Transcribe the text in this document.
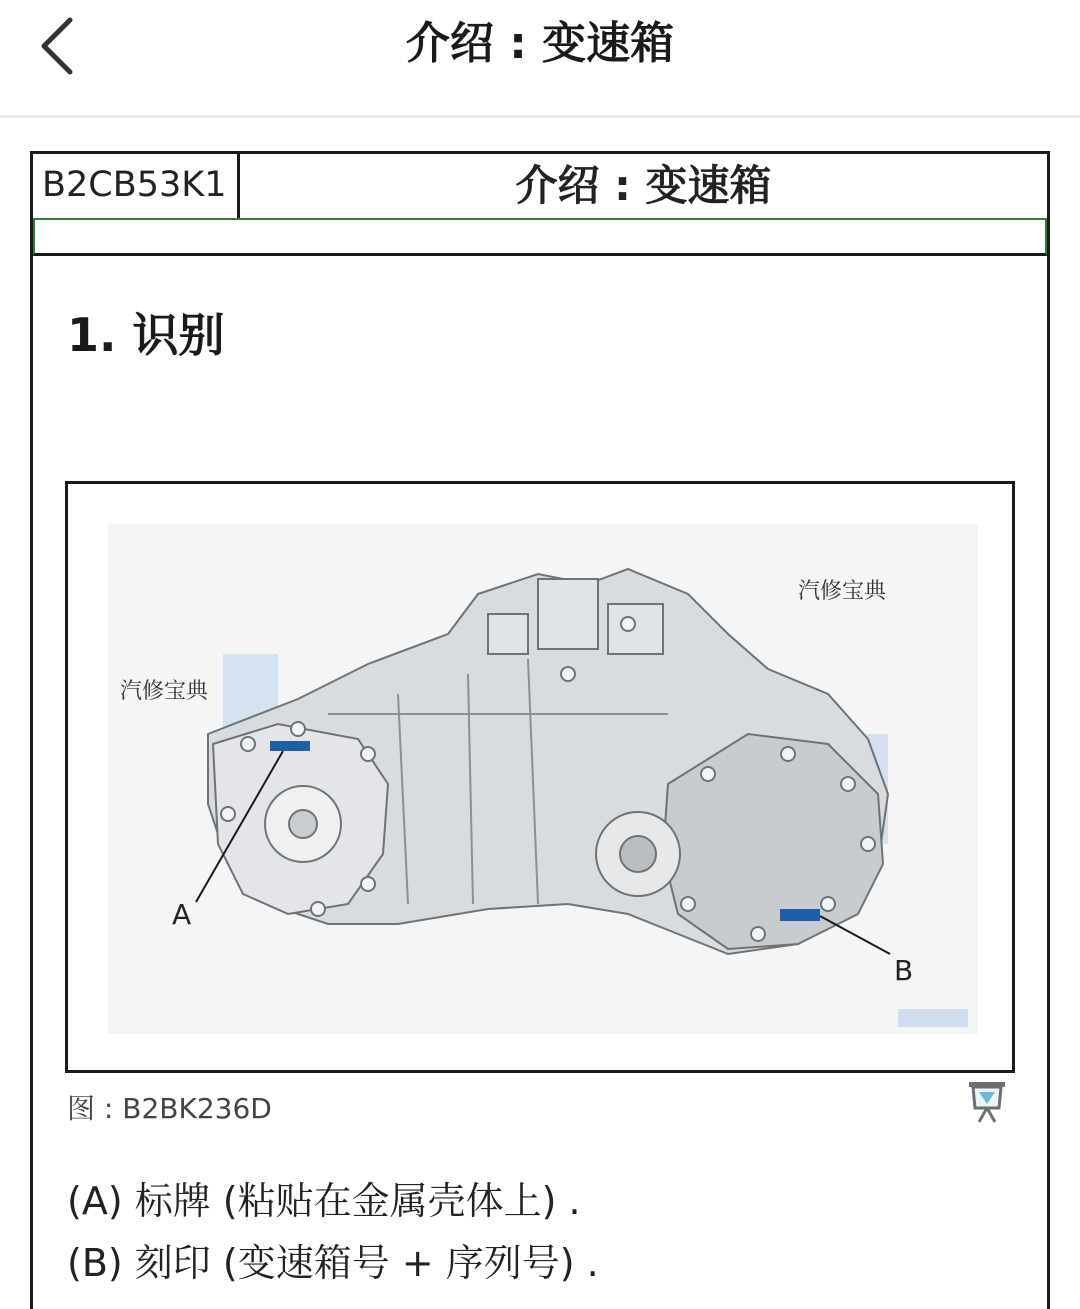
介绍 : 变速箱
B2CB53K1	介绍 : 变速箱
1. 识别
汽修宝典
汽修宝典
A
B
图 : B2BK236D
(A) 标牌 (粘贴在金属壳体上) .
(B) 刻印 (变速箱号 + 序列号) .
